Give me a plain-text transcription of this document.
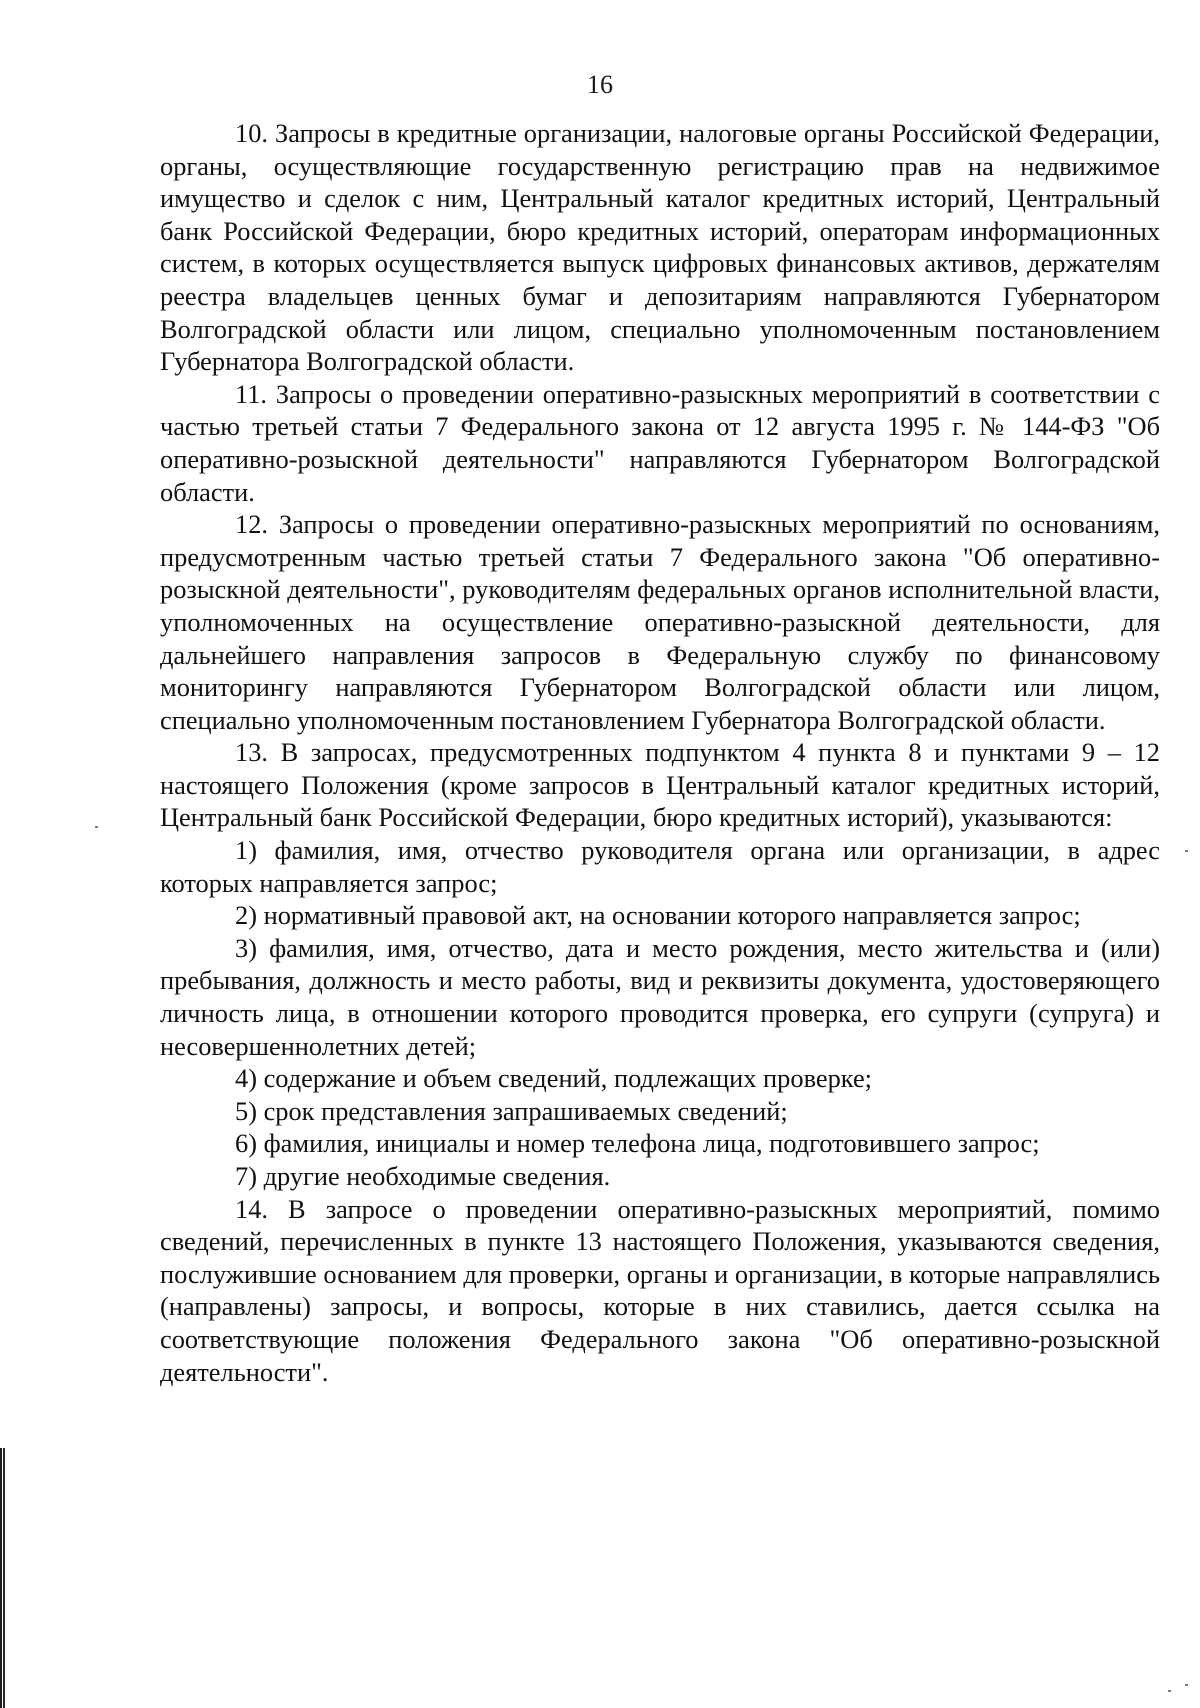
16

10. Запросы в кредитные организации, налоговые органы Российской Федерации, органы, осуществляющие государственную регистрацию прав на недвижимое имущество и сделок с ним, Центральный каталог кредитных историй, Центральный банк Российской Федерации, бюро кредитных историй, операторам информационных систем, в которых осуществляется выпуск цифровых финансовых активов, держателям реестра владельцев ценных бумаг и депозитариям направляются Губернатором Волгоградской области или лицом, специально уполномоченным постановлением Губернатора Волгоградской области.

11. Запросы о проведении оперативно-разыскных мероприятий в соответствии с частью третьей статьи 7 Федерального закона от 12 августа 1995 г. № 144-ФЗ "Об оперативно-розыскной деятельности" направляются Губернатором Волгоградской области.

12. Запросы о проведении оперативно-разыскных мероприятий по основаниям, предусмотренным частью третьей статьи 7 Федерального закона "Об оперативно-розыскной деятельности", руководителям федеральных органов исполнительной власти, уполномоченных на осуществление оперативно-разыскной деятельности, для дальнейшего направления запросов в Федеральную службу по финансовому мониторингу направляются Губернатором Волгоградской области или лицом, специально уполномоченным постановлением Губернатора Волгоградской области.

13. В запросах, предусмотренных подпунктом 4 пункта 8 и пунктами 9 – 12 настоящего Положения (кроме запросов в Центральный каталог кредитных историй, Центральный банк Российской Федерации, бюро кредитных историй), указываются:

1) фамилия, имя, отчество руководителя органа или организации, в адрес которых направляется запрос;

2) нормативный правовой акт, на основании которого направляется запрос;

3) фамилия, имя, отчество, дата и место рождения, место жительства и (или) пребывания, должность и место работы, вид и реквизиты документа, удостоверяющего личность лица, в отношении которого проводится проверка, его супруги (супруга) и несовершеннолетних детей;

4) содержание и объем сведений, подлежащих проверке;

5) срок представления запрашиваемых сведений;

6) фамилия, инициалы и номер телефона лица, подготовившего запрос;

7) другие необходимые сведения.

14. В запросе о проведении оперативно-разыскных мероприятий, помимо сведений, перечисленных в пункте 13 настоящего Положения, указываются сведения, послужившие основанием для проверки, органы и организации, в которые направлялись (направлены) запросы, и вопросы, которые в них ставились, дается ссылка на соответствующие положения Федерального закона "Об оперативно-розыскной деятельности".
